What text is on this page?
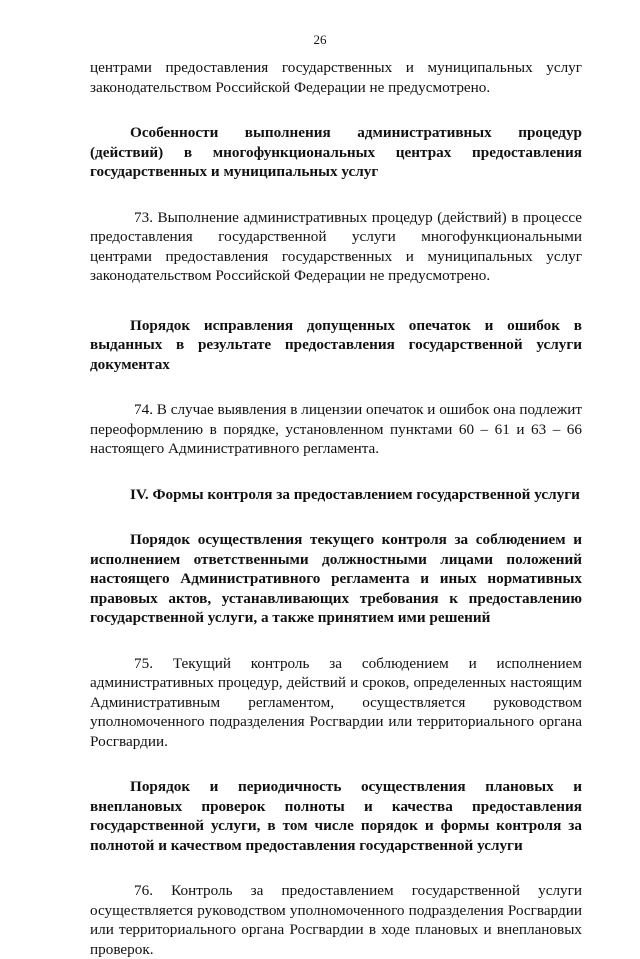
26

центрами предоставления государственных и муниципальных услуг законодательством Российской Федерации не предусмотрено.

Особенности выполнения административных процедур (действий) в многофункциональных центрах предоставления государственных и муниципальных услуг

73. Выполнение административных процедур (действий) в процессе предоставления государственной услуги многофункциональными центрами предоставления государственных и муниципальных услуг законодательством Российской Федерации не предусмотрено.

Порядок исправления допущенных опечаток и ошибок в выданных в результате предоставления государственной услуги документах

74. В случае выявления в лицензии опечаток и ошибок она подлежит переоформлению в порядке, установленном пунктами 60 – 61 и 63 – 66 настоящего Административного регламента.

IV. Формы контроля за предоставлением государственной услуги

Порядок осуществления текущего контроля за соблюдением и исполнением ответственными должностными лицами положений настоящего Административного регламента и иных нормативных правовых актов, устанавливающих требования к предоставлению государственной услуги, а также принятием ими решений

75. Текущий контроль за соблюдением и исполнением административных процедур, действий и сроков, определенных настоящим Административным регламентом, осуществляется руководством уполномоченного подразделения Росгвардии или территориального органа Росгвардии.

Порядок и периодичность осуществления плановых и внеплановых проверок полноты и качества предоставления государственной услуги, в том числе порядок и формы контроля за полнотой и качеством предоставления государственной услуги

76. Контроль за предоставлением государственной услуги осуществляется руководством уполномоченного подразделения Росгвардии или территориального органа Росгвардии в ходе плановых и внеплановых проверок.
